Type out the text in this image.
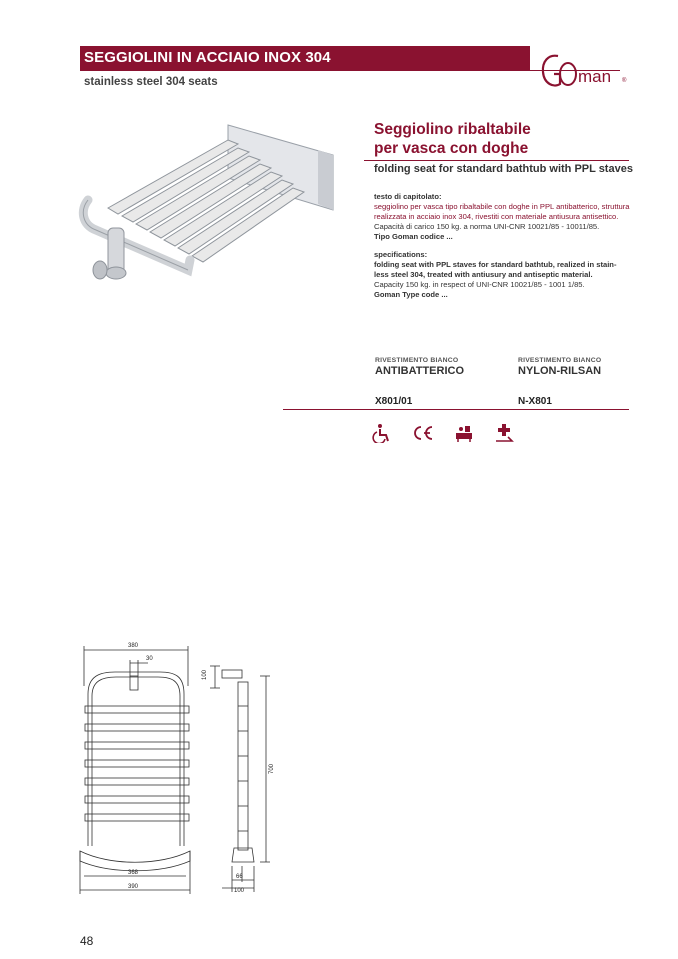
SEGGIOLINI IN ACCIAIO INOX 304
stainless steel 304 seats	man ®
Seggiolino ribaltabile
per vasca con doghe
folding seat for standard bathtub with PPL staves
testo di capitolato:
seggiolino per vasca tipo ribaltabile con doghe in PPL antibatterico, struttura
realizzata in acciaio inox 304, rivestiti con materiale antiusura antisettico.
Capacità di carico 150 kg. a norma UNI-CNR 10021/85 - 10011/85.
Tipo Goman codice ...
specifications:
folding seat with PPL staves for standard bathtub, realized in stain-
less steel 304, treated with antiusury and antiseptic material.
Capacity 150 kg. in respect of UNI-CNR 10021/85 - 1001 1/85.
Goman Type code ...
RIVESTIMENTO BIANCO
ANTIBATTERICO
RIVESTIMENTO BIANCO
NYLON-RILSAN
X801/01	N-X801

380
30
368
390
100
700
66
100
48
